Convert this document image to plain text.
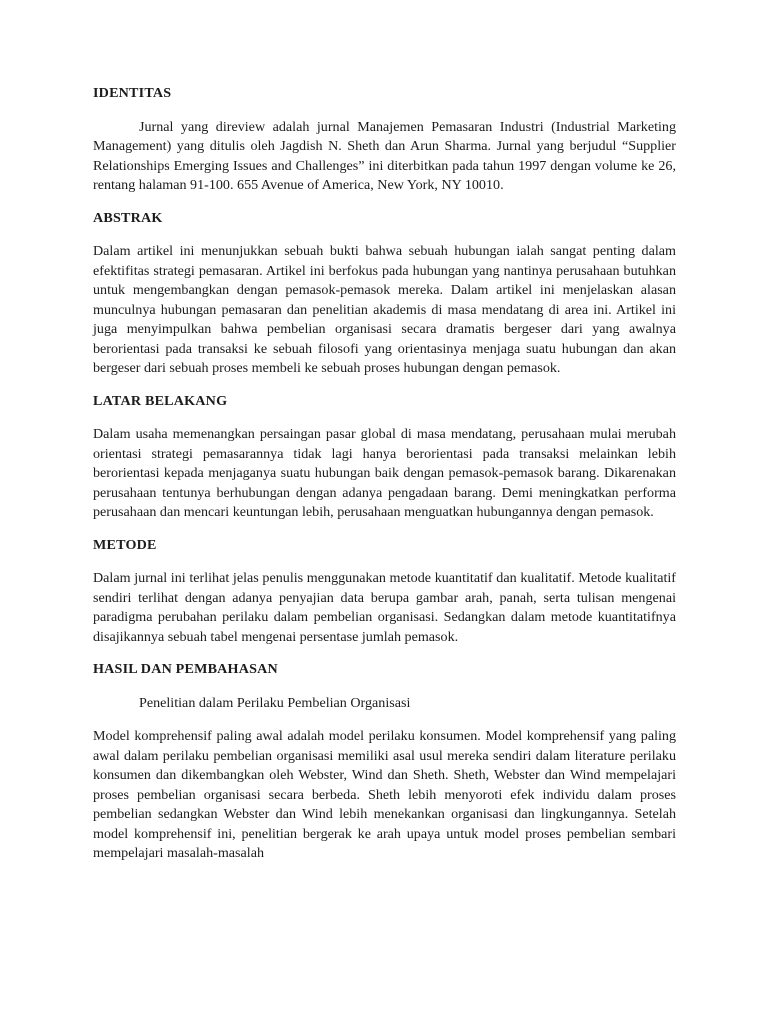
IDENTITAS

Jurnal yang direview adalah jurnal Manajemen Pemasaran Industri (Industrial Marketing Management) yang ditulis oleh Jagdish N. Sheth dan Arun Sharma. Jurnal yang berjudul “Supplier Relationships Emerging Issues and Challenges” ini diterbitkan pada tahun 1997 dengan volume ke 26, rentang halaman 91-100. 655 Avenue of America, New York, NY 10010.

ABSTRAK

Dalam artikel ini menunjukkan sebuah bukti bahwa sebuah hubungan ialah sangat penting dalam efektifitas strategi pemasaran. Artikel ini berfokus pada hubungan yang nantinya perusahaan butuhkan untuk mengembangkan dengan pemasok-pemasok mereka. Dalam artikel ini menjelaskan alasan munculnya hubungan pemasaran dan penelitian akademis di masa mendatang di area ini. Artikel ini juga menyimpulkan bahwa pembelian organisasi secara dramatis bergeser dari yang awalnya berorientasi pada transaksi ke sebuah filosofi yang orientasinya menjaga suatu hubungan dan akan bergeser dari sebuah proses membeli ke sebuah proses hubungan dengan pemasok.

LATAR BELAKANG

Dalam usaha memenangkan persaingan pasar global di masa mendatang, perusahaan mulai merubah orientasi strategi pemasarannya tidak lagi hanya berorientasi pada transaksi melainkan lebih berorientasi kepada menjaganya suatu hubungan baik dengan pemasok-pemasok barang. Dikarenakan perusahaan tentunya berhubungan dengan adanya pengadaan barang. Demi meningkatkan performa perusahaan dan mencari keuntungan lebih, perusahaan menguatkan hubungannya dengan pemasok.

METODE

Dalam jurnal ini terlihat jelas penulis menggunakan metode kuantitatif dan kualitatif. Metode kualitatif sendiri terlihat dengan adanya penyajian data berupa gambar arah, panah, serta tulisan mengenai paradigma perubahan perilaku dalam pembelian organisasi. Sedangkan dalam metode kuantitatifnya disajikannya sebuah tabel mengenai persentase jumlah pemasok.

HASIL DAN PEMBAHASAN

Penelitian dalam Perilaku Pembelian Organisasi

Model komprehensif paling awal adalah model perilaku konsumen. Model komprehensif yang paling awal dalam perilaku pembelian organisasi memiliki asal usul mereka sendiri dalam literature perilaku konsumen dan dikembangkan oleh Webster, Wind dan Sheth. Sheth, Webster dan Wind mempelajari proses pembelian organisasi secara berbeda. Sheth lebih menyoroti efek individu dalam proses pembelian sedangkan Webster dan Wind lebih menekankan organisasi dan lingkungannya. Setelah model komprehensif ini, penelitian bergerak ke arah upaya untuk model proses pembelian sembari mempelajari masalah-masalah
